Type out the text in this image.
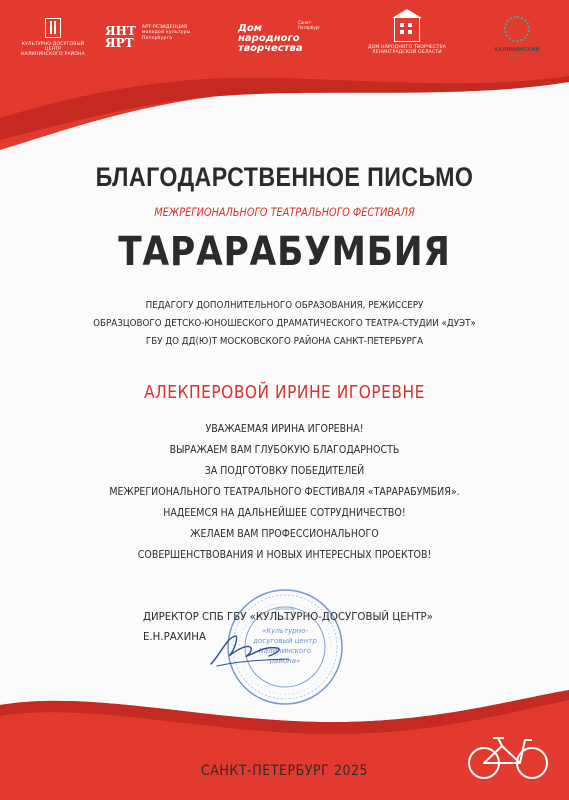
КУЛЬТУРНО-ДОСУГОВЫЙ ЦЕНТР
КАЛИНИНСКОГО РАЙОНА
ЯНТ
ЯРТ
АРТ-РЕЗИДЕНЦИЯ молодой культуры Петербурга
Санкт-Петербург
Дом народного творчества	ДОМ НАРОДНОГО ТВОРЧЕСТВА
ЛЕНИНГРАДСКОЙ ОБЛАСТИ	КАЛИНИНСКИЙ
РАЙОН
БЛАГОДАРСТВЕННОЕ ПИСЬМО
МЕЖРЕГИОНАЛЬНОГО ТЕАТРАЛЬНОГО ФЕСТИВАЛЯ
ТАРАРАБУМБИЯ
ПЕДАГОГУ ДОПОЛНИТЕЛЬНОГО ОБРАЗОВАНИЯ, РЕЖИССЕРУ
ОБРАЗЦОВОГО ДЕТСКО-ЮНОШЕСКОГО ДРАМАТИЧЕСКОГО ТЕАТРА-СТУДИИ «ДУЭТ»
ГБУ ДО ДД(Ю)Т МОСКОВСКОГО РАЙОНА САНКТ-ПЕТЕРБУРГА
АЛЕКПЕРОВОЙ ИРИНЕ ИГОРЕВНЕ
УВАЖАЕМАЯ ИРИНА ИГОРЕВНА!
ВЫРАЖАЕМ ВАМ ГЛУБОКУЮ БЛАГОДАРНОСТЬ
ЗА ПОДГОТОВКУ ПОБЕДИТЕЛЕЙ
МЕЖРЕГИОНАЛЬНОГО ТЕАТРАЛЬНОГО ФЕСТИВАЛЯ «ТАРАРАБУМБИЯ».
НАДЕЕМСЯ НА ДАЛЬНЕЙШЕЕ СОТРУДНИЧЕСТВО!
ЖЕЛАЕМ ВАМ ПРОФЕССИОНАЛЬНОГО
СОВЕРШЕНСТВОВАНИЯ И НОВЫХ ИНТЕРЕСНЫХ ПРОЕКТОВ!
«Культурно-
досуговый центр
Калининского
района»
ДИРЕКТОР СПБ ГБУ «КУЛЬТУРНО-ДОСУГОВЫЙ ЦЕНТР»
Е.Н.РАХИНА
САНКТ-ПЕТЕРБУРГ 2025
